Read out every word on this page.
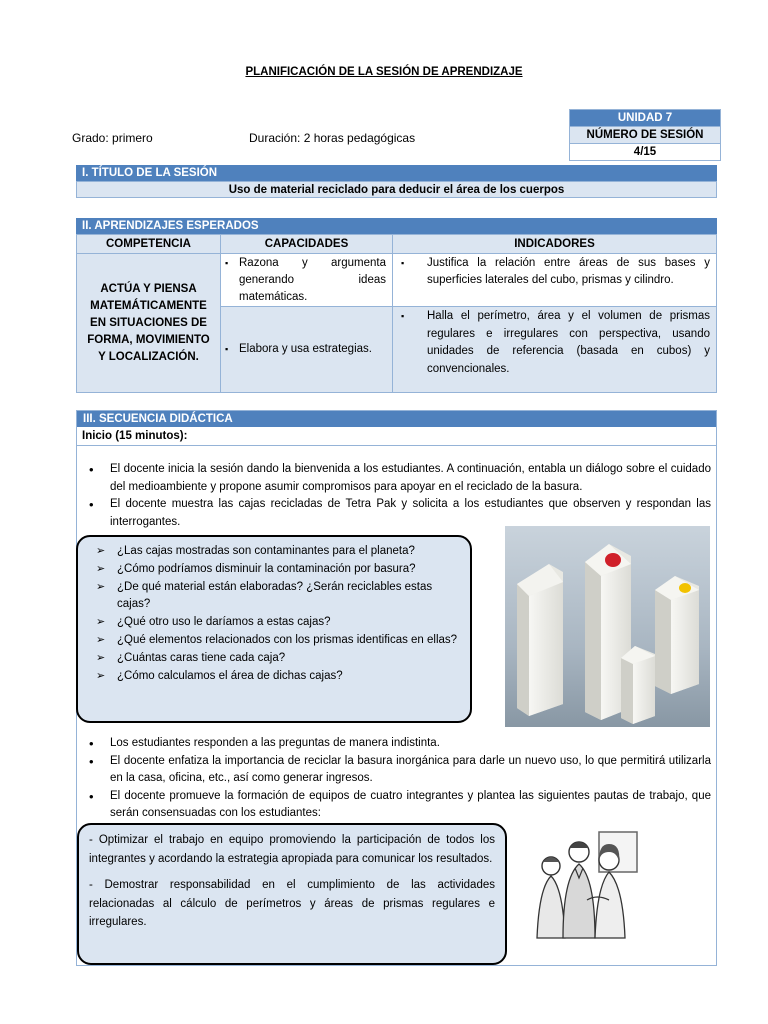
PLANIFICACIÓN DE LA SESIÓN DE APRENDIZAJE
Grado: primero	Duración: 2 horas pedagógicas
UNIDAD 7
NÚMERO DE SESIÓN
4/15
I. TÍTULO DE LA SESIÓN
Uso de material reciclado para deducir el área de los cuerpos
II. APRENDIZAJES ESPERADOS
COMPETENCIA	CAPACIDADES	INDICADORES
ACTÚA Y PIENSA MATEMÁTICAMENTE EN SITUACIONES DE FORMA, MOVIMIENTO Y LOCALIZACIÓN.	▪ Razona y argumenta generando ideas matemáticas.	▪ Justifica la relación entre áreas de sus bases y superficies laterales del cubo, prismas y cilindro.

	▪ Elabora y usa estrategias.	▪ Halla el perímetro, área y el volumen de prismas regulares e irregulares con perspectiva, usando unidades de referencia (basada en cubos) y convencionales.
III. SECUENCIA DIDÁCTICA
Inicio (15 minutos):
• El docente inicia la sesión dando la bienvenida a los estudiantes. A continuación, entabla un diálogo sobre el cuidado del medioambiente y propone asumir compromisos para apoyar en el reciclado de la basura.
• El docente muestra las cajas recicladas de Tetra Pak y solicita a los estudiantes que observen y respondan las interrogantes.
➢ ¿Las cajas mostradas son contaminantes para el planeta?
➢ ¿Cómo podríamos disminuir la contaminación por basura?
➢ ¿De qué material están elaboradas? ¿Serán reciclables estas cajas?
➢ ¿Qué otro uso le daríamos a estas cajas?
➢ ¿Qué elementos relacionados con los prismas identificas en ellas?
➢ ¿Cuántas caras tiene cada caja?
➢ ¿Cómo calculamos el área de dichas cajas?
• Los estudiantes responden a las preguntas de manera indistinta.
• El docente enfatiza la importancia de reciclar la basura inorgánica para darle un nuevo uso, lo que permitirá utilizarla en la casa, oficina, etc., así como generar ingresos.
• El docente promueve la formación de equipos de cuatro integrantes y plantea las siguientes pautas de trabajo, que serán consensuadas con los estudiantes:

- Optimizar el trabajo en equipo promoviendo la participación de todos los integrantes y acordando la estrategia apropiada para comunicar los resultados.

- Demostrar responsabilidad en el cumplimiento de las actividades relacionadas al cálculo de perímetros y áreas de prismas regulares e irregulares.
